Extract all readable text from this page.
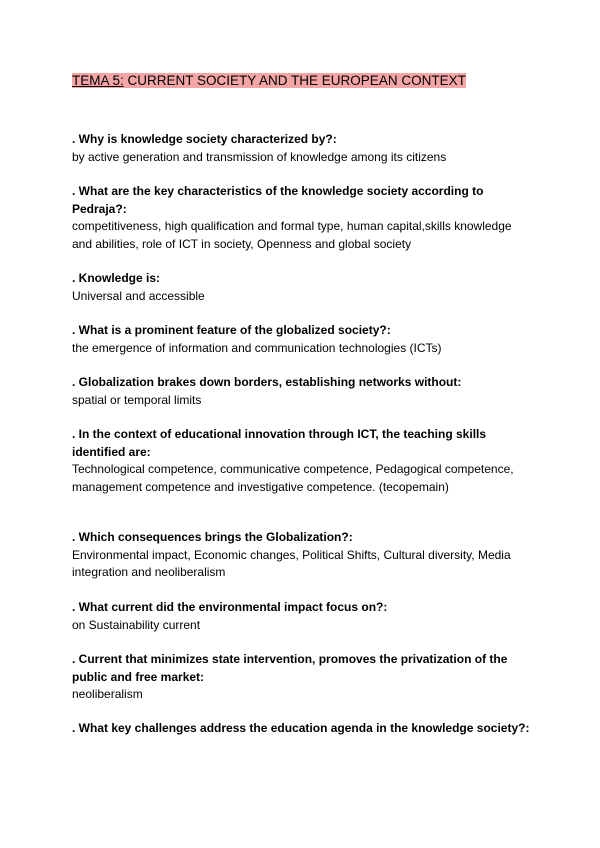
TEMA 5: CURRENT SOCIETY AND THE EUROPEAN CONTEXT
. Why is knowledge society characterized by?:
by active generation and transmission of knowledge among its citizens
. What are the key characteristics of the knowledge society according to Pedraja?:
competitiveness, high qualification and formal type, human capital,skills knowledge and abilities, role of ICT in society, Openness and global society
. Knowledge is:
Universal and accessible
. What is a prominent feature of the globalized society?:
the emergence of information and communication technologies (ICTs)
. Globalization brakes down borders, establishing networks without:
spatial or temporal limits
. In the context of educational innovation through ICT, the teaching skills identified are:
Technological competence, communicative competence, Pedagogical competence, management competence and investigative competence. (tecopemain)
. Which consequences brings the Globalization?:
Environmental impact, Economic changes, Political Shifts, Cultural diversity, Media integration and neoliberalism
. What current did the environmental impact focus on?:
on Sustainability current
. Current that minimizes state intervention, promoves the privatization of the public and free market:
neoliberalism
. What key challenges address the education agenda in the knowledge society?:
